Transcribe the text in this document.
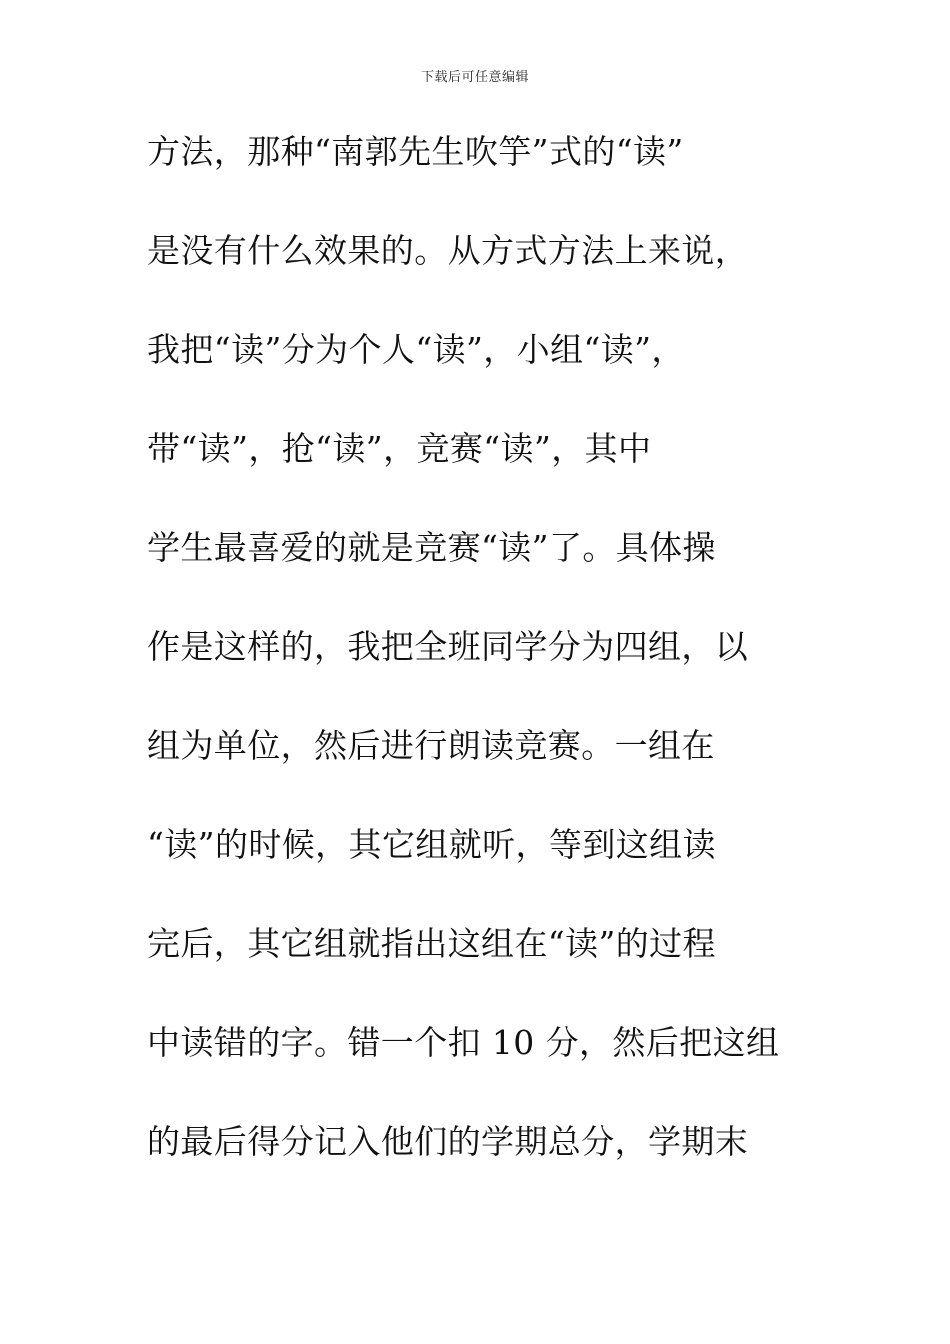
下载后可任意编辑
方法，那种“南郭先生吹竽”式的“读”
是没有什么效果的。从方式方法上来说，
我把“读”分为个人“读”，小组“读”，
带“读”，抢“读”，竞赛“读”，其中
学生最喜爱的就是竞赛“读”了。具体操
作是这样的，我把全班同学分为四组，以
组为单位，然后进行朗读竞赛。一组在
“读”的时候，其它组就听，等到这组读
完后，其它组就指出这组在“读”的过程
中读错的字。错一个扣 10 分，然后把这组
的最后得分记入他们的学期总分，学期末
